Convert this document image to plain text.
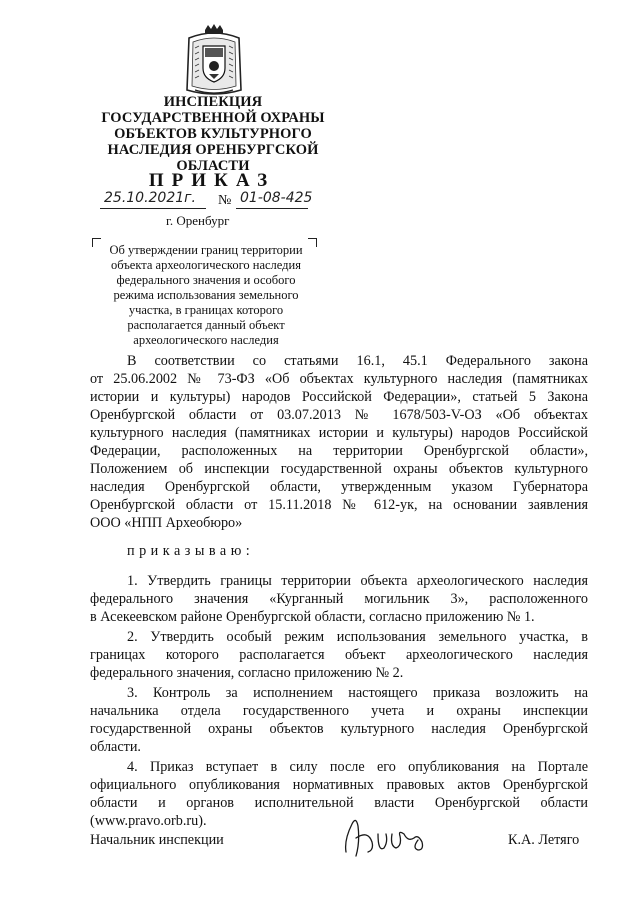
ИНСПЕКЦИЯ
ГОСУДАРСТВЕННОЙ ОХРАНЫ
ОБЪЕКТОВ КУЛЬТУРНОГО
НАСЛЕДИЯ ОРЕНБУРГСКОЙ
ОБЛАСТИ
ПРИКАЗ
25.10.2021г. № 01-08-425
г. Оренбург
Об утверждении границ территории
объекта археологического наследия
федерального значения и особого
режима использования земельного
участка, в границах которого
располагается данный объект
археологического наследия
В соответствии со статьями 16.1, 45.1 Федерального закона
от 25.06.2002 № 73-ФЗ «Об объектах культурного наследия (памятниках
истории и культуры) народов Российской Федерации», статьей 5 Закона
Оренбургской области от 03.07.2013 № 1678/503-V-ОЗ «Об объектах
культурного наследия (памятниках истории и культуры) народов Российской
Федерации, расположенных на территории Оренбургской области»,
Положением об инспекции государственной охраны объектов культурного
наследия Оренбургской области, утвержденным указом Губернатора
Оренбургской области от 15.11.2018 № 612-ук, на основании заявления
ООО «НПП Археобюро»
приказываю:
1. Утвердить границы территории объекта археологического наследия
федерального значения «Курганный могильник 3», расположенного
в Асекеевском районе Оренбургской области, согласно приложению № 1.
2. Утвердить особый режим использования земельного участка, в
границах которого располагается объект археологического наследия
федерального значения, согласно приложению № 2.
3. Контроль за исполнением настоящего приказа возложить на
начальника отдела государственного учета и охраны инспекции
государственной охраны объектов культурного наследия Оренбургской
области.
4. Приказ вступает в силу после его опубликования на Портале
официального опубликования нормативных правовых актов Оренбургской
области и органов исполнительной власти Оренбургской области
(www.pravo.orb.ru).
Начальник инспекции	К.А. Летяго
